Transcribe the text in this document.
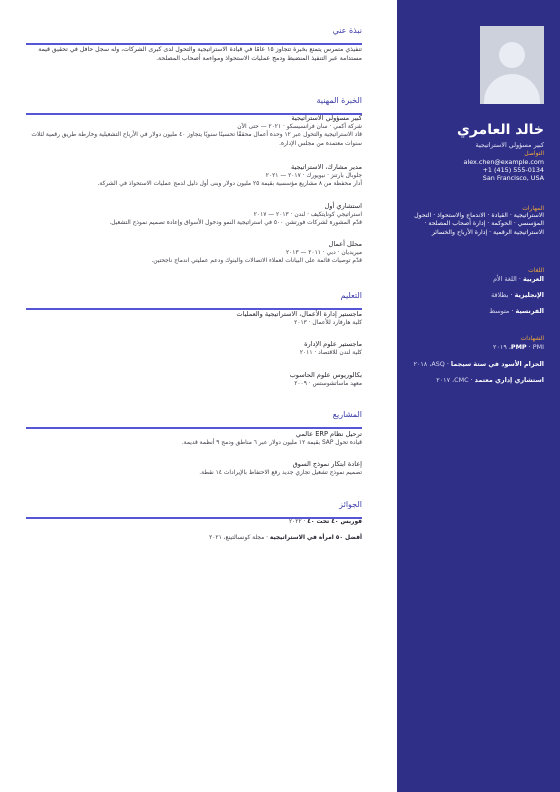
نبذة عني

تنفيذي متمرس يتمتع بخبرة تتجاوز ١٥ عامًا في قيادة الاستراتيجية والتحول لدى كبرى الشركات، وله سجل حافل في تحقيق قيمة مستدامة عبر التنفيذ المنضبط ودمج عمليات الاستحواذ ومواءمة أصحاب المصلحة.

الخبرة المهنية
كبير مسؤولي الاستراتيجية
شركة أكمي · سان فرانسيسكو · ٢٠٢١ — حتى الآن
قاد الاستراتيجية والتحول عبر ١٢ وحدة أعمال محققًا تحسينًا سنويًا يتجاوز ٤٠ مليون دولار في الأرباح التشغيلية وخارطة طريق رقمية لثلاث سنوات معتمدة من مجلس الإدارة.
مدير مشارك، الاستراتيجية
جلوبال بارتنز · نيويورك · ٢٠١٧ — ٢٠٢١
أدار محفظة من ٨ مشاريع مؤسسية بقيمة ٢٥ مليون دولار وبنى أول دليل لدمج عمليات الاستحواذ في الشركة.
استشاري أول
استراتيجي كونايتكيف · لندن · ٢٠١٣ — ٢٠١٧
قدّم المشورة لشركات فورتشن ٥٠٠ في استراتيجية النمو ودخول الأسواق وإعادة تصميم نموذج التشغيل.
محلل أعمال
ميريديان · دبي · ٢٠١١ — ٢٠١٣
قدّم توصيات قائمة على البيانات لعملاء الاتصالات والبنوك ودعم عمليتي اندماج ناجحتين.
التعليم
ماجستير إدارة الأعمال، الاستراتيجية والعمليات
كلية هارفارد للأعمال · ٢٠١٣
ماجستير علوم الإدارة
كلية لندن للاقتصاد · ٢٠١١
بكالوريوس علوم الحاسوب
معهد ماساتشوستس · ٢٠٠٩
المشاريع
ترحيل نظام ERP عالمي
قيادة تحول SAP بقيمة ١٢ مليون دولار عبر ٦ مناطق ودمج ٩ أنظمة قديمة.
إعادة ابتكار نموذج السوق
تصميم نموذج تشغيل تجاري جديد رفع الاحتفاظ بالإيرادات ١٤ نقطة.
الجوائز
فوربس ٤٠ تحت ٤٠ · ٢٠٢٢
أفضل ٥٠ امرأة في الاستراتيجية · مجلة كونسالتينغ، ٢٠٢١
خالد العامري
كبير مسؤولي الاستراتيجية
التواصل
alex.chen@example.com
+1 (415) 555-0134
San Francisco, USA
المهارات
الاستراتيجية · القيادة · الاندماج والاستحواذ · التحول المؤسسي · الحوكمة · إدارة أصحاب المصلحة · الاستراتيجية الرقمية · إدارة الأرباح والخسائر
اللغات
العربية · اللغة الأم
الإنجليزية · بطلاقة
الفرنسية · متوسط
الشهادات
PMP · PMI، ٢٠١٩
الحزام الأسود في ستة سيجما · ASQ، ٢٠١٨
استشاري إداري معتمد · CMC، ٢٠١٧
